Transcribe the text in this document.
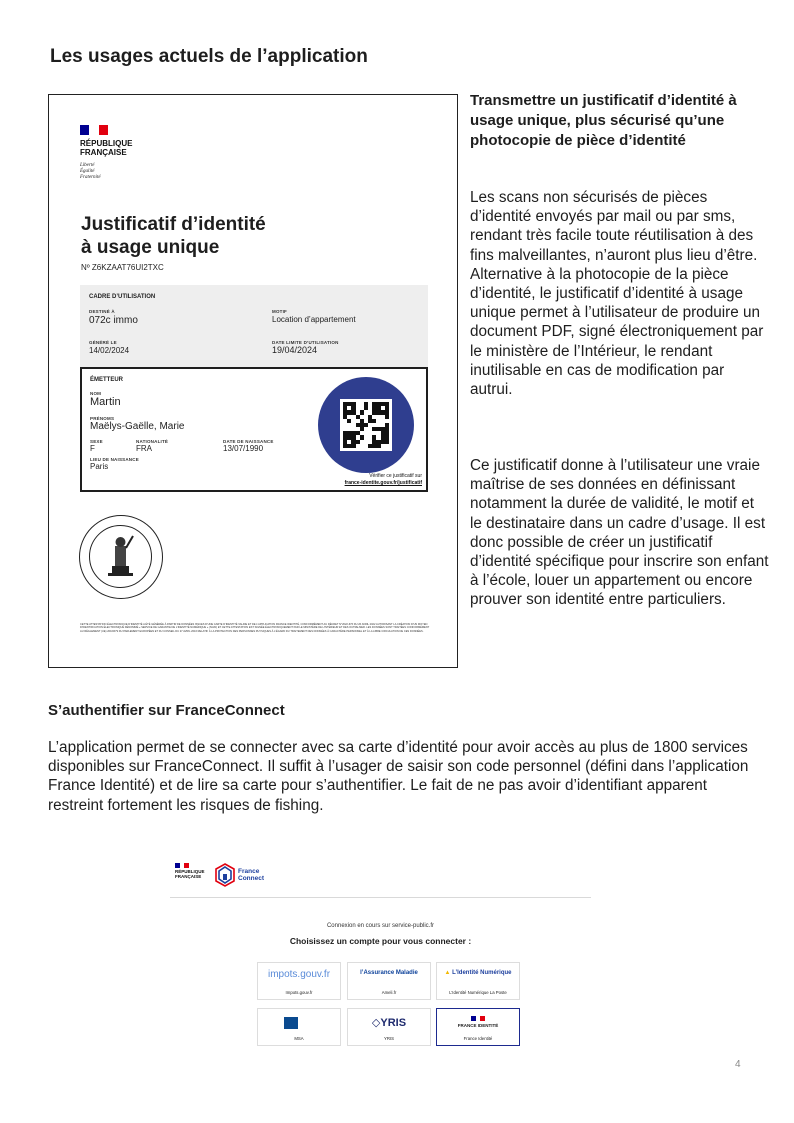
Les usages actuels de l’application
RÉPUBLIQUE
FRANÇAISE
Liberté
Égalité
Fraternité
Justificatif d’identité
à usage unique
Nº Z6KZAAT76UI2TXC
CADRE D’UTILISATION
DESTINÉ À
072c immo
MOTIF
Location d’appartement
GÉNÉRÉ LE
14/02/2024
DATE LIMITE D’UTILISATION
19/04/2024
ÉMETTEUR
NOM
Martin
PRÉNOMS
Maëlys-Gaëlle, Marie
SEXE
F
NATIONALITÉ
FRA
DATE DE NAISSANCE
13/07/1990
LIEU DE NAISSANCE
Paris
Vérifier ce justificatif sur
france-identite.gouv.fr/justificatif
CETTE ATTESTATION ÉLECTRONIQUE D’IDENTITÉ A ÉTÉ GÉNÉRÉE À PARTIR DE DONNÉES ISSUES D’UNE CARTE D’IDENTITÉ VALIDE ET DE L’APPLICATION FRANCE IDENTITÉ, CONFORMÉMENT AU DÉCRET N°2022-676 DU 26 AVRIL 2022 AUTORISANT LA CRÉATION D’UN MOYEN D’IDENTIFICATION ÉLECTRONIQUE DÉNOMMÉ « SERVICE DE GARANTIE DE L’IDENTITÉ NUMÉRIQUE » (SGIN) ET CETTE ATTESTATION EST SIGNÉE ÉLECTRONIQUEMENT PAR LE MINISTÈRE DE L’INTÉRIEUR ET DES OUTRE-MER. LES DONNÉES SONT TRAITÉES CONFORMÉMENT AU RÈGLEMENT (UE) 2016/679 DU PARLEMENT EUROPÉEN ET DU CONSEIL DU 27 AVRIL 2016 RELATIF À LA PROTECTION DES PERSONNES PHYSIQUES À L’ÉGARD DU TRAITEMENT DES DONNÉES À CARACTÈRE PERSONNEL ET À LA LIBRE CIRCULATION DE CES DONNÉES.
Transmettre un justificatif d’identité à usage unique, plus sécurisé qu’une photocopie de pièce d’identité
Les scans non sécurisés de pièces d’identité envoyés par mail ou par sms, rendant très facile toute réutilisation à des fins malveillantes, n’auront plus lieu d’être. Alternative à la photocopie de la pièce d’identité, le justificatif d’identité à usage unique permet à l’utilisateur de produire un document PDF, signé électroniquement par le ministère de l’Intérieur, le rendant inutilisable en cas de modification par autrui.
Ce justificatif donne à l’utilisateur une vraie maîtrise de ses données en définissant notamment la durée de validité, le motif et le destinataire dans un cadre d’usage. Il est donc possible de créer un justificatif d’identité spécifique pour inscrire son enfant à l’école, louer un appartement ou encore prouver son identité entre particuliers.
S’authentifier sur FranceConnect
L’application permet de se connecter avec sa carte d’identité pour avoir accès au plus de 1800 services disponibles sur FranceConnect. Il suffit à l’usager de saisir son code personnel (défini dans l’application France Identité) et de lire sa carte pour s’authentifier. Le fait de ne pas avoir d’identifiant apparent restreint fortement les risques de fishing.
RÉPUBLIQUE
FRANÇAISE
France
Connect
Connexion en cours sur service-public.fr
Choisissez un compte pour vous connecter :
impots.gouv.fr
Impots.gouv.fr
l’Assurance Maladie
Ameli.fr
▲ L’Identité Numérique
L’Identité Numérique La Poste
MSA
◇YRIS
YRIS
FRANCE IDENTITÉ
France Identité
4
